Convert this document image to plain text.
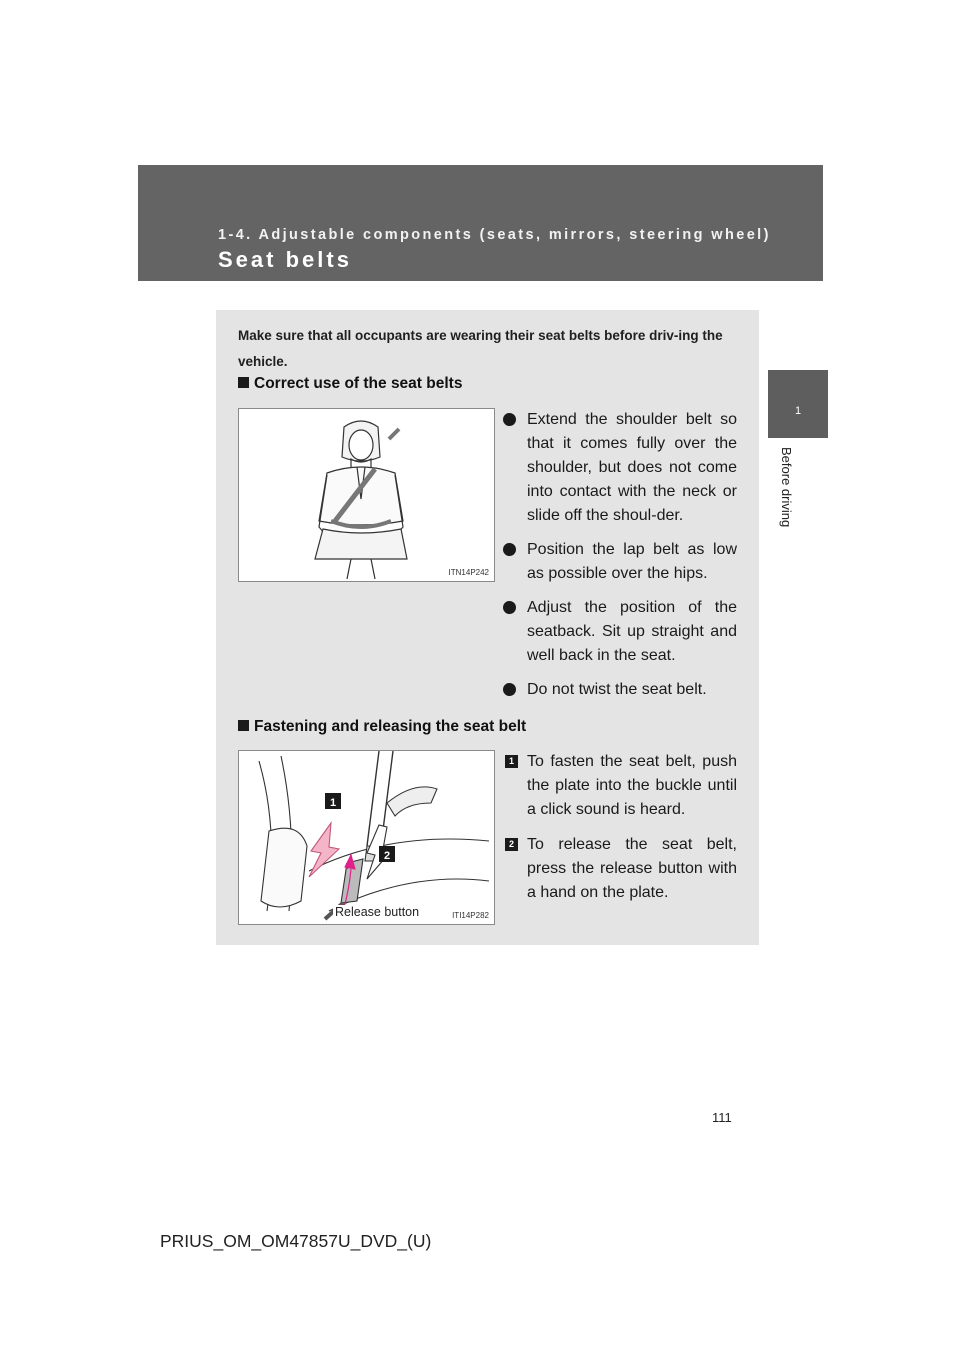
1-4. Adjustable components (seats, mirrors, steering wheel)
Seat belts
1
Before driving
Make sure that all occupants are wearing their seat belts before driv-ing the vehicle.
Correct use of the seat belts
ITN14P242
Extend the shoulder belt so that it comes fully over the shoulder, but does not come into contact with the neck or slide off the shoul-der.
Position the lap belt as low as possible over the hips.
Adjust the position of the seatback. Sit up straight and well back in the seat.
Do not twist the seat belt.
Fastening and releasing the seat belt
1
2
Release button	ITI14P282
1 To fasten the seat belt, push the plate into the buckle until a click sound is heard.
2 To release the seat belt, press the release button with a hand on the plate.
111
PRIUS_OM_OM47857U_DVD_(U)
